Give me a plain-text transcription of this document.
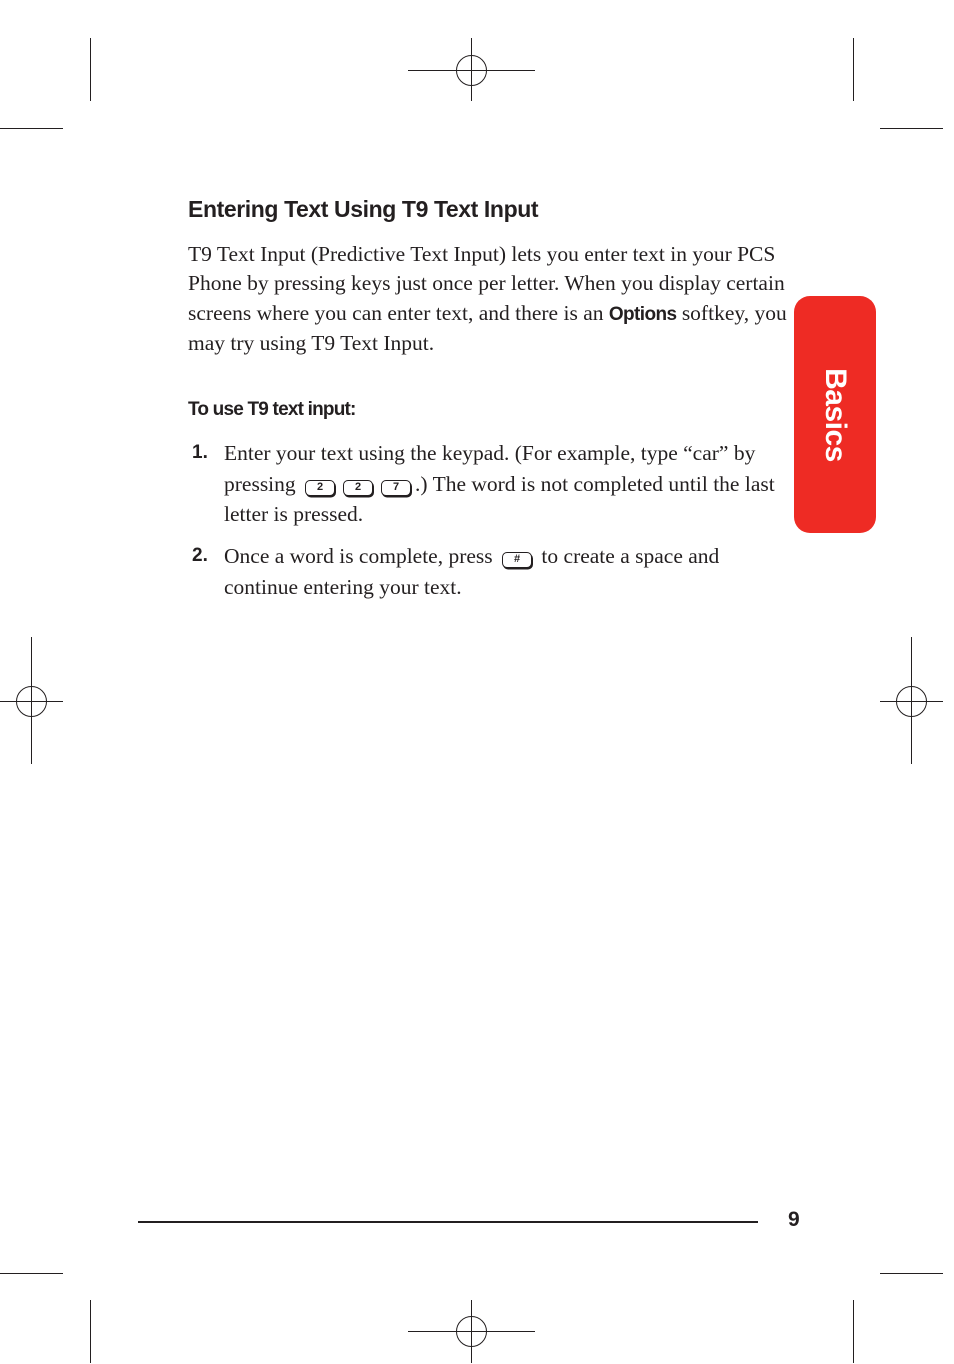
Basics
Entering Text Using T9 Text Input

T9 Text Input (Predictive Text Input) lets you enter text in your PCS Phone by pressing keys just once per letter. When you display certain screens where you can enter text, and there is an Options softkey, you may try using T9 Text Input.

To use T9 text input:
1. Enter your text using the keypad. (For example, type “car” by pressing 2	2	7 .) The word is not completed until the last letter is pressed.

2. Once a word is complete, press # to create a space and continue entering your text.

9
